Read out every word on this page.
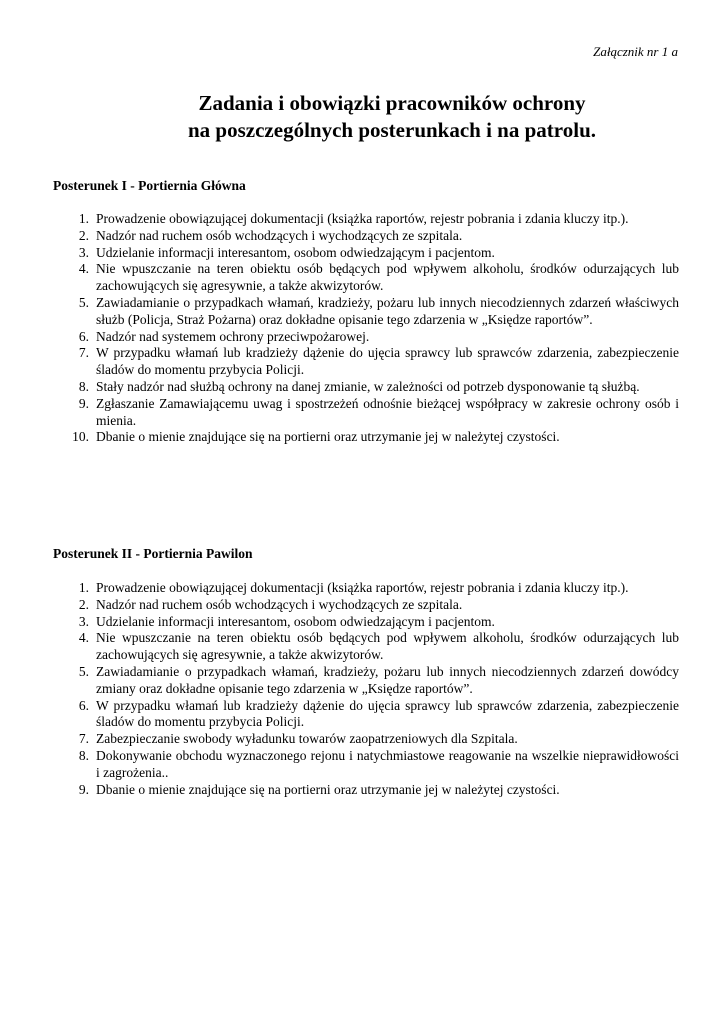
Załącznik nr 1 a
Zadania i obowiązki pracowników ochrony
na poszczególnych posterunkach i na patrolu.
Posterunek I - Portiernia Główna
1. Prowadzenie obowiązującej dokumentacji (książka raportów, rejestr pobrania i zdania kluczy itp.).
2. Nadzór nad ruchem osób wchodzących i wychodzących ze szpitala.
3. Udzielanie informacji interesantom, osobom odwiedzającym i pacjentom.
4. Nie wpuszczanie na teren obiektu osób będących pod wpływem alkoholu, środków odurzających lub zachowujących się agresywnie, a także akwizytorów.
5. Zawiadamianie o przypadkach włamań, kradzieży, pożaru lub innych niecodziennych zdarzeń właściwych służb (Policja, Straż Pożarna) oraz dokładne opisanie tego zdarzenia w „Księdze raportów”.
6. Nadzór nad systemem ochrony przeciwpożarowej.
7. W przypadku włamań lub kradzieży dążenie do ujęcia sprawcy lub sprawców zdarzenia, zabezpieczenie śladów do momentu przybycia Policji.
8. Stały nadzór nad służbą ochrony na danej zmianie, w zależności od potrzeb dysponowanie tą służbą.
9. Zgłaszanie Zamawiającemu uwag i spostrzeżeń odnośnie bieżącej współpracy w zakresie ochrony osób i mienia.
10. Dbanie o mienie znajdujące się na portierni oraz utrzymanie jej w należytej czystości.
Posterunek II - Portiernia Pawilon
1. Prowadzenie obowiązującej dokumentacji (książka raportów, rejestr pobrania i zdania kluczy itp.).
2. Nadzór nad ruchem osób wchodzących i wychodzących ze szpitala.
3. Udzielanie informacji interesantom, osobom odwiedzającym i pacjentom.
4. Nie wpuszczanie na teren obiektu osób będących pod wpływem alkoholu, środków odurzających lub zachowujących się agresywnie, a także akwizytorów.
5. Zawiadamianie o przypadkach włamań, kradzieży, pożaru lub innych niecodziennych zdarzeń dowódcy zmiany oraz dokładne opisanie tego zdarzenia w „Księdze raportów”.
6. W przypadku włamań lub kradzieży dążenie do ujęcia sprawcy lub sprawców zdarzenia, zabezpieczenie śladów do momentu przybycia Policji.
7. Zabezpieczanie swobody wyładunku towarów zaopatrzeniowych dla Szpitala.
8. Dokonywanie obchodu wyznaczonego rejonu i natychmiastowe reagowanie na wszelkie nieprawidłowości i zagrożenia..
9. Dbanie o mienie znajdujące się na portierni oraz utrzymanie jej w należytej czystości.
